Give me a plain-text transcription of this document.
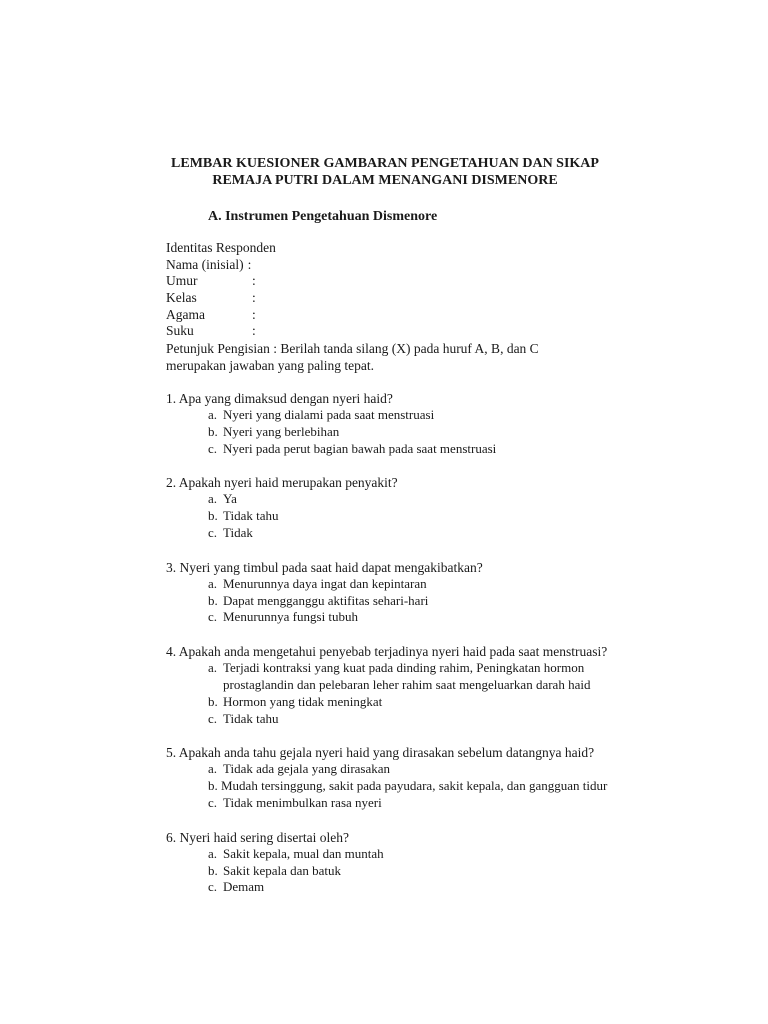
LEMBAR KUESIONER GAMBARAN PENGETAHUAN DAN SIKAP
REMAJA PUTRI DALAM MENANGANI DISMENORE
A. Instrumen Pengetahuan Dismenore
Identitas Responden
Nama (inisial) :
Umur	:
Kelas	:
Agama	:
Suku	:
Petunjuk Pengisian : Berilah tanda silang (X) pada huruf A, B, dan C
merupakan jawaban yang paling tepat.
1. Apa yang dimaksud dengan nyeri haid?
a. Nyeri yang dialami pada saat menstruasi
b. Nyeri yang berlebihan
c. Nyeri pada perut bagian bawah pada saat menstruasi
2. Apakah nyeri haid merupakan penyakit?
a. Ya
b. Tidak tahu
c. Tidak
3. Nyeri yang timbul pada saat haid dapat mengakibatkan?
a. Menurunnya daya ingat dan kepintaran
b. Dapat mengganggu aktifitas sehari-hari
c. Menurunnya fungsi tubuh
4. Apakah anda mengetahui penyebab terjadinya nyeri haid pada saat menstruasi?
a. Terjadi kontraksi yang kuat pada dinding rahim, Peningkatan hormon prostaglandin dan pelebaran leher rahim saat mengeluarkan darah haid
b. Hormon yang tidak meningkat
c. Tidak tahu
5. Apakah anda tahu gejala nyeri haid yang dirasakan sebelum datangnya haid?
a. Tidak ada gejala yang dirasakan
b. Mudah tersinggung, sakit pada payudara, sakit kepala, dan gangguan tidur
c. Tidak menimbulkan rasa nyeri
6. Nyeri haid sering disertai oleh?
a. Sakit kepala, mual dan muntah
b. Sakit kepala dan batuk
c. Demam
